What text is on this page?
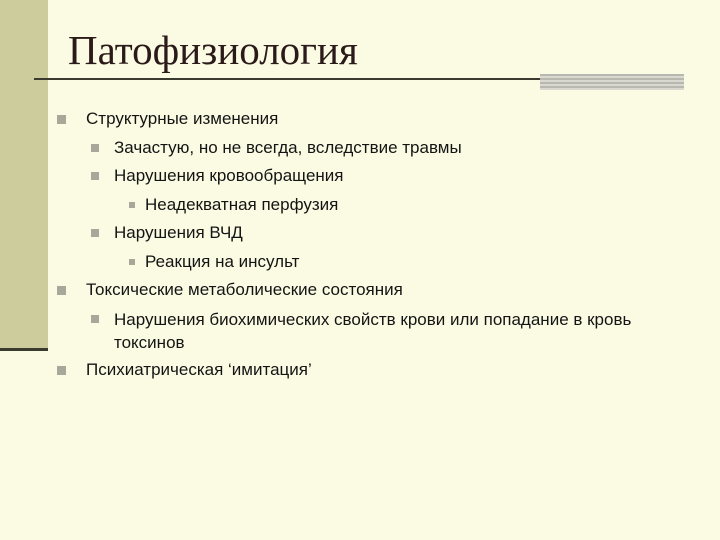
Патофизиология
Структурные изменения
Зачастую, но не всегда, вследствие травмы
Нарушения кровообращения
Неадекватная перфузия
Нарушения ВЧД
Реакция на инсульт
Токсические метаболические состояния
Нарушения биохимических свойств крови или попадание в кровь токсинов
Психиатрическая ‘имитация’
